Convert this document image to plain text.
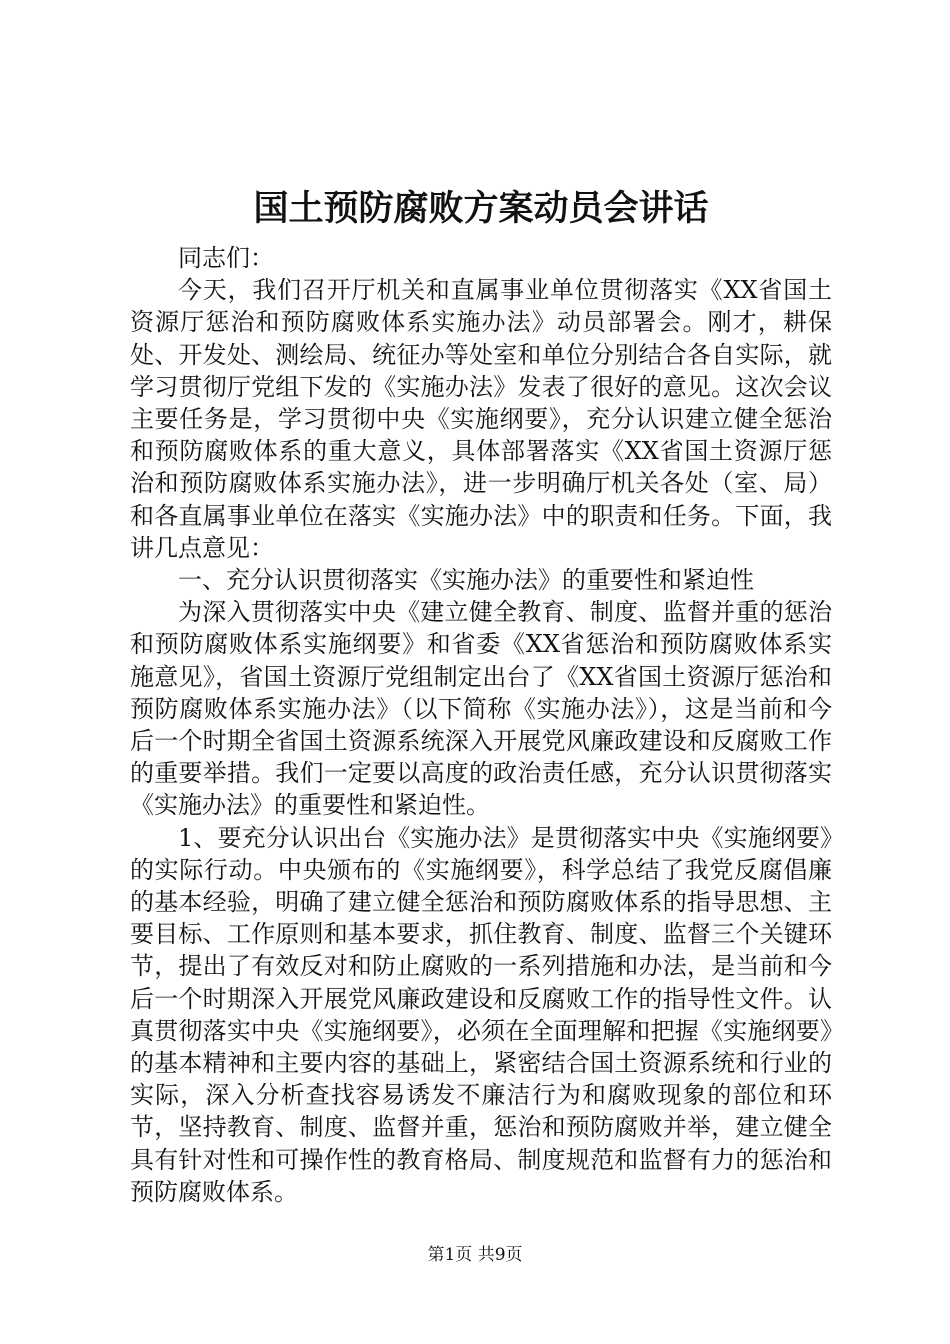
国土预防腐败方案动员会讲话

同志们：

今天，我们召开厅机关和直属事业单位贯彻落实《XX省国土资源厅惩治和预防腐败体系实施办法》动员部署会。刚才，耕保处、开发处、测绘局、统征办等处室和单位分别结合各自实际，就学习贯彻厅党组下发的《实施办法》发表了很好的意见。这次会议主要任务是，学习贯彻中央《实施纲要》，充分认识建立健全惩治和预防腐败体系的重大意义，具体部署落实《XX省国土资源厅惩治和预防腐败体系实施办法》，进一步明确厅机关各处（室、局）和各直属事业单位在落实《实施办法》中的职责和任务。下面，我讲几点意见：

一、充分认识贯彻落实《实施办法》的重要性和紧迫性

为深入贯彻落实中央《建立健全教育、制度、监督并重的惩治和预防腐败体系实施纲要》和省委《XX省惩治和预防腐败体系实施意见》，省国土资源厅党组制定出台了《XX省国土资源厅惩治和预防腐败体系实施办法》（以下简称《实施办法》），这是当前和今后一个时期全省国土资源系统深入开展党风廉政建设和反腐败工作的重要举措。我们一定要以高度的政治责任感，充分认识贯彻落实《实施办法》的重要性和紧迫性。

1、要充分认识出台《实施办法》是贯彻落实中央《实施纲要》的实际行动。中央颁布的《实施纲要》，科学总结了我党反腐倡廉的基本经验，明确了建立健全惩治和预防腐败体系的指导思想、主要目标、工作原则和基本要求，抓住教育、制度、监督三个关键环节，提出了有效反对和防止腐败的一系列措施和办法，是当前和今后一个时期深入开展党风廉政建设和反腐败工作的指导性文件。认真贯彻落实中央《实施纲要》，必须在全面理解和把握《实施纲要》的基本精神和主要内容的基础上，紧密结合国土资源系统和行业的实际，深入分析查找容易诱发不廉洁行为和腐败现象的部位和环节，坚持教育、制度、监督并重，惩治和预防腐败并举，建立健全具有针对性和可操作性的教育格局、制度规范和监督有力的惩治和预防腐败体系。

第1页 共9页
